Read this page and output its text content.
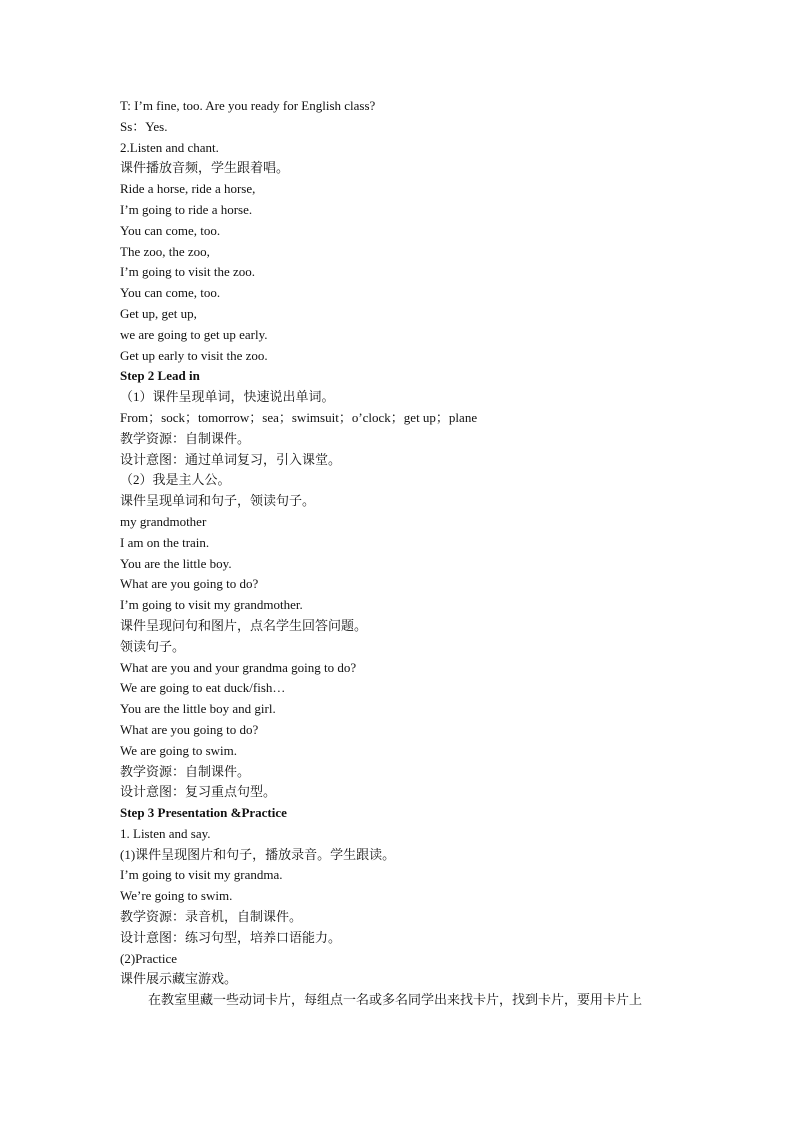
T: I’m fine, too. Are you ready for English class?
Ss：Yes.
2.Listen and chant.
课件播放音频，学生跟着唱。
Ride a horse, ride a horse,
I’m going to ride a horse.
You can come, too.
The zoo, the zoo,
I’m going to visit the zoo.
You can come, too.
Get up, get up,
we are going to get up early.
Get up early to visit the zoo.
Step 2 Lead in
（1）课件呈现单词，快速说出单词。
From；sock；tomorrow；sea；swimsuit；o’clock；get up；plane
教学资源：自制课件。
设计意图：通过单词复习，引入课堂。
（2）我是主人公。
课件呈现单词和句子，领读句子。
my grandmother
I am on the train.
You are the little boy.
What are you going to do?
I’m going to visit my grandmother.
课件呈现问句和图片，点名学生回答问题。
领读句子。
What are you and your grandma going to do?
We are going to eat duck/fish…
You are the little boy and girl.
What are you going to do?
We are going to swim.
教学资源：自制课件。
设计意图：复习重点句型。
Step 3 Presentation &Practice
1. Listen and say.
(1)课件呈现图片和句子，播放录音。学生跟读。
I’m going to visit my grandma.
We’re going to swim.
教学资源：录音机，自制课件。
设计意图：练习句型，培养口语能力。
(2)Practice
课件展示藏宝游戏。
在教室里藏一些动词卡片，每组点一名或多名同学出来找卡片，找到卡片，要用卡片上
